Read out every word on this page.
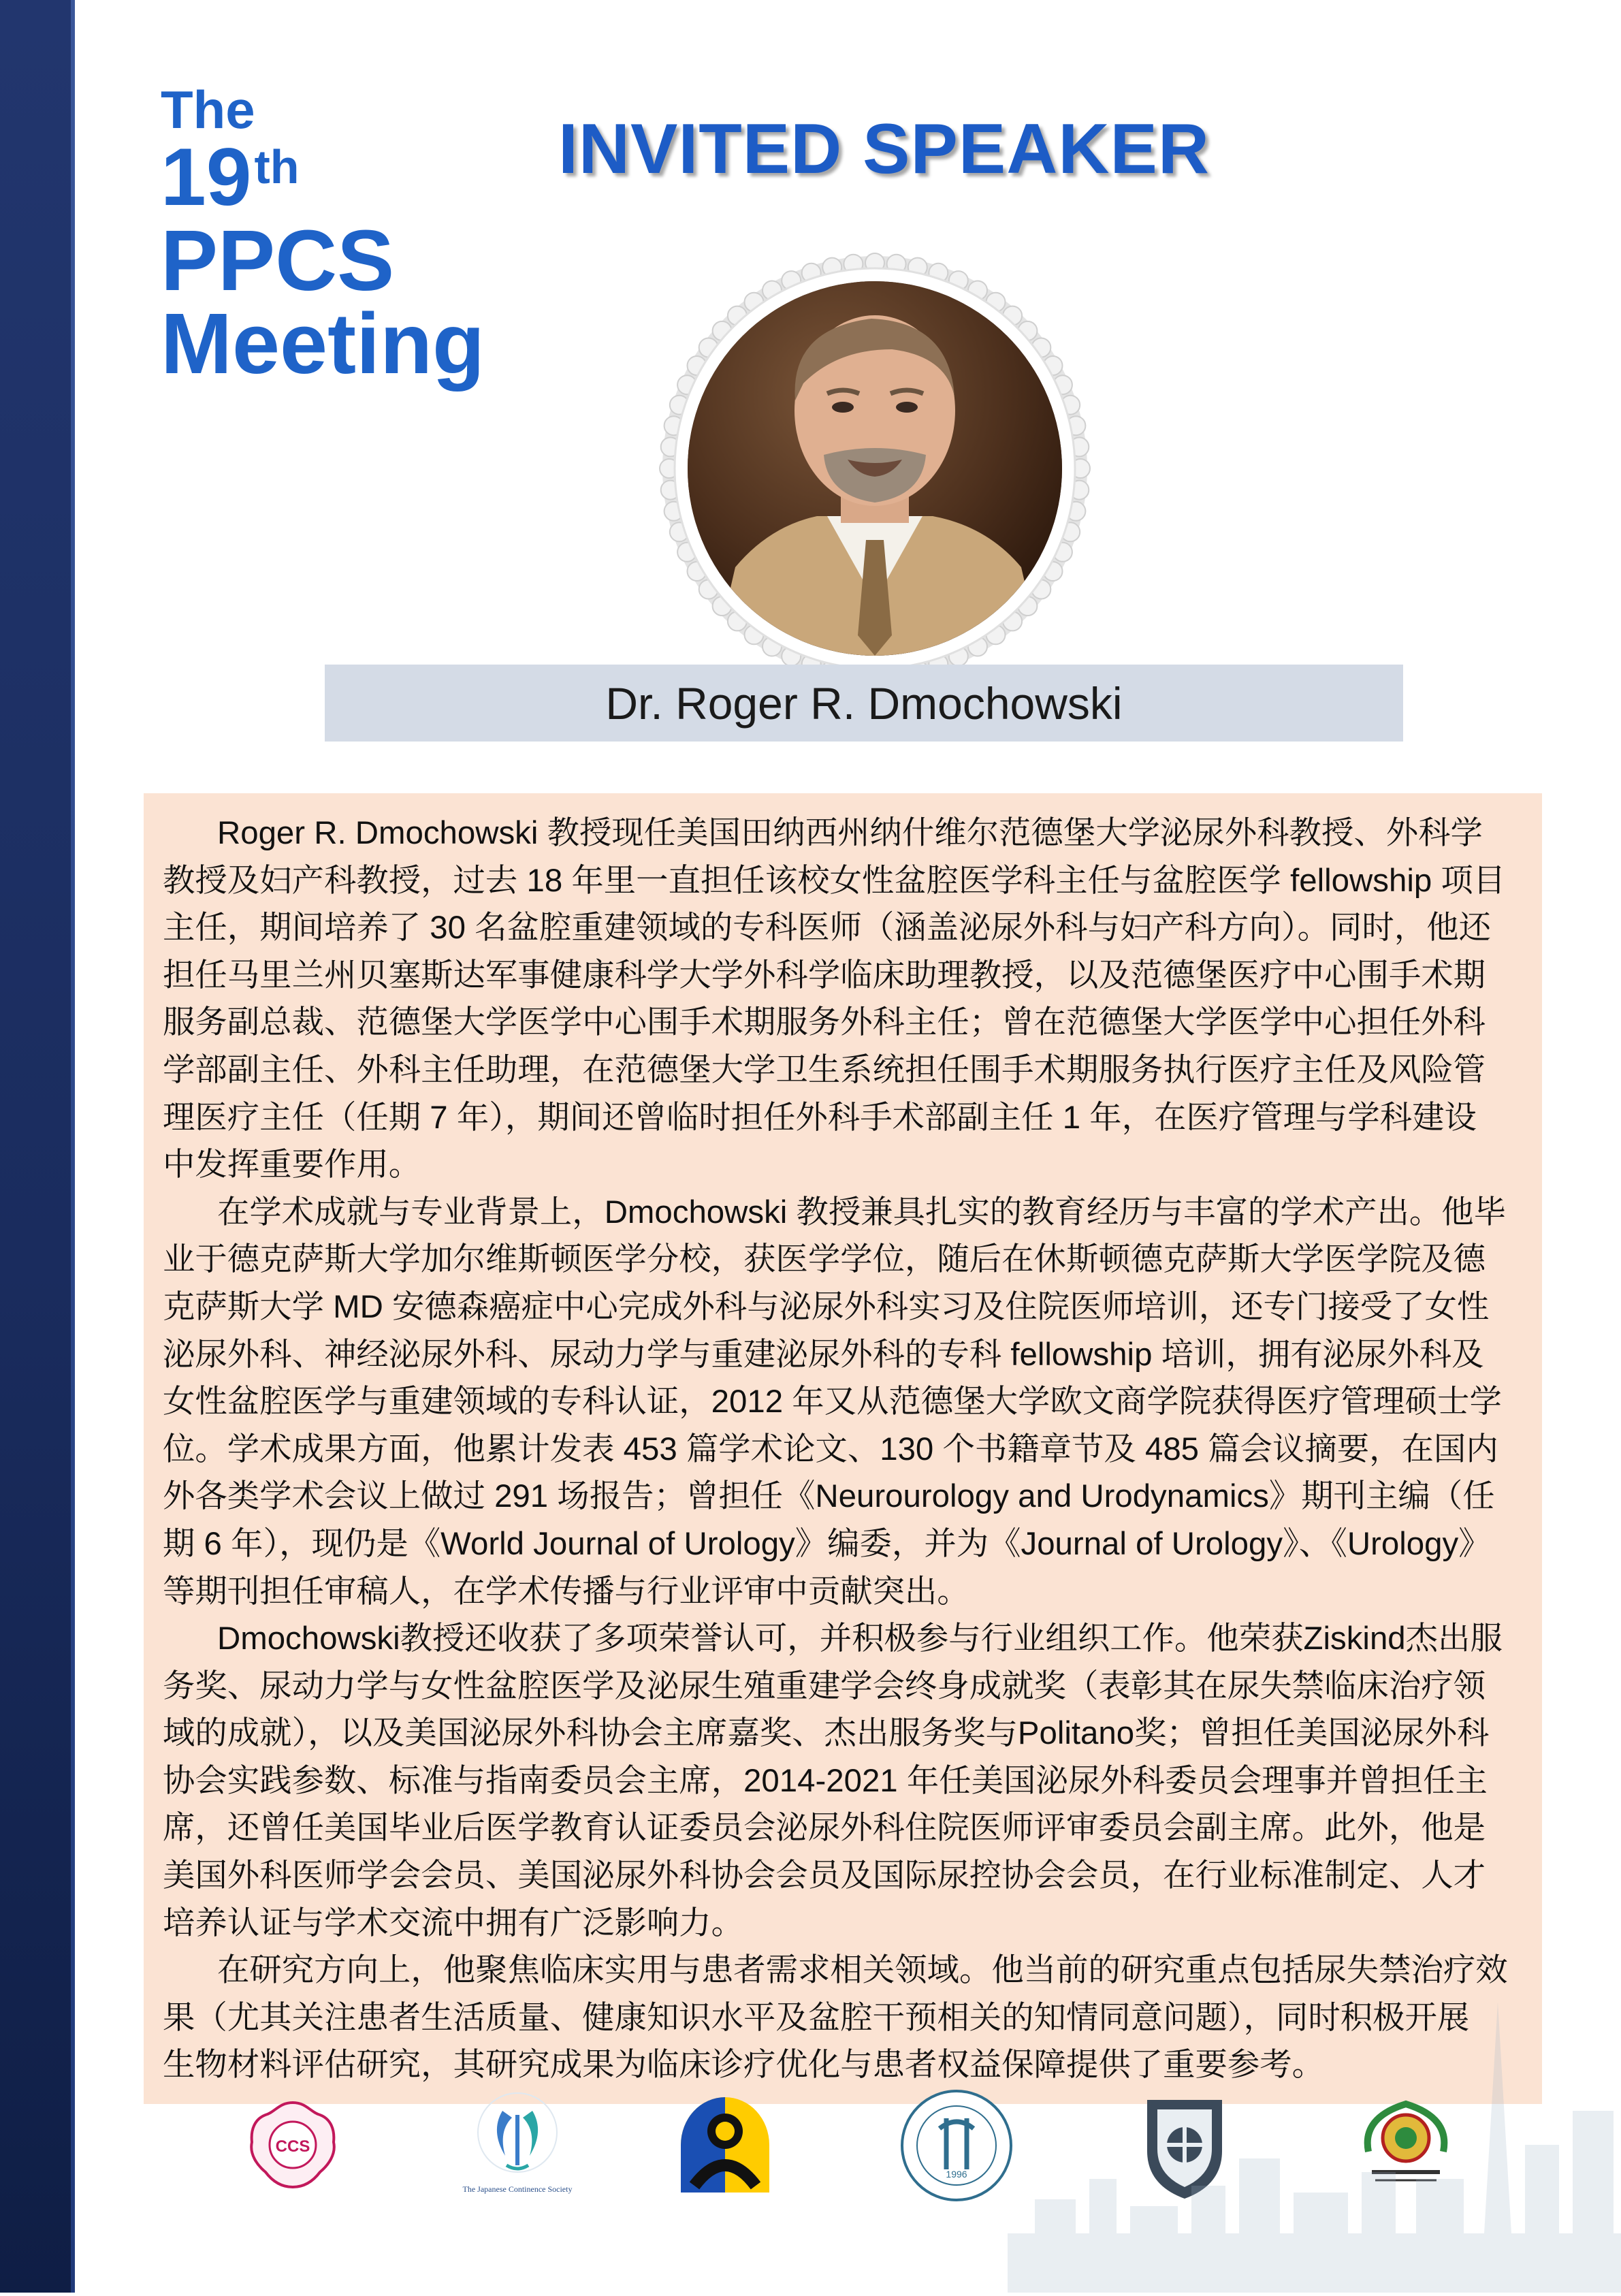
The
19th
PPCS
Meeting
INVITED SPEAKER
Dr. Roger R. Dmochowski

Roger R. Dmochowski 教授现任美国田纳西州纳什维尔范德堡大学泌尿外科教授、外科学
教授及妇产科教授，过去 18 年里一直担任该校女性盆腔医学科主任与盆腔医学 fellowship 项目
主任，期间培养了 30 名盆腔重建领域的专科医师（涵盖泌尿外科与妇产科方向）。同时，他还
担任马里兰州贝塞斯达军事健康科学大学外科学临床助理教授，以及范德堡医疗中心围手术期
服务副总裁、范德堡大学医学中心围手术期服务外科主任；曾在范德堡大学医学中心担任外科
学部副主任、外科主任助理，在范德堡大学卫生系统担任围手术期服务执行医疗主任及风险管
理医疗主任（任期 7 年），期间还曾临时担任外科手术部副主任 1 年，在医疗管理与学科建设
中发挥重要作用。

在学术成就与专业背景上，Dmochowski 教授兼具扎实的教育经历与丰富的学术产出。他毕
业于德克萨斯大学加尔维斯顿医学分校，获医学学位，随后在休斯顿德克萨斯大学医学院及德
克萨斯大学 MD 安德森癌症中心完成外科与泌尿外科实习及住院医师培训，还专门接受了女性
泌尿外科、神经泌尿外科、尿动力学与重建泌尿外科的专科 fellowship 培训，拥有泌尿外科及
女性盆腔医学与重建领域的专科认证，2012 年又从范德堡大学欧文商学院获得医疗管理硕士学
位。学术成果方面，他累计发表 453 篇学术论文、130 个书籍章节及 485 篇会议摘要，在国内
外各类学术会议上做过 291 场报告；曾担任《Neurourology and Urodynamics》期刊主编（任
期 6 年），现仍是《World Journal of Urology》编委，并为《Journal of Urology》、《Urology》
等期刊担任审稿人，在学术传播与行业评审中贡献突出。

Dmochowski教授还收获了多项荣誉认可，并积极参与行业组织工作。他荣获Ziskind杰出服
务奖、尿动力学与女性盆腔医学及泌尿生殖重建学会终身成就奖（表彰其在尿失禁临床治疗领
域的成就），以及美国泌尿外科协会主席嘉奖、杰出服务奖与Politano奖；曾担任美国泌尿外科
协会实践参数、标准与指南委员会主席，2014-2021 年任美国泌尿外科委员会理事并曾担任主
席，还曾任美国毕业后医学教育认证委员会泌尿外科住院医师评审委员会副主席。此外，他是
美国外科医师学会会员、美国泌尿外科协会会员及国际尿控协会会员，在行业标准制定、人才
培养认证与学术交流中拥有广泛影响力。

在研究方向上，他聚焦临床实用与患者需求相关领域。他当前的研究重点包括尿失禁治疗效
果（尤其关注患者生活质量、健康知识水平及盆腔干预相关的知情同意问题），同时积极开展
生物材料评估研究，其研究成果为临床诊疗优化与患者权益保障提供了重要参考。

CCS
The Japanese Continence Society
1996
